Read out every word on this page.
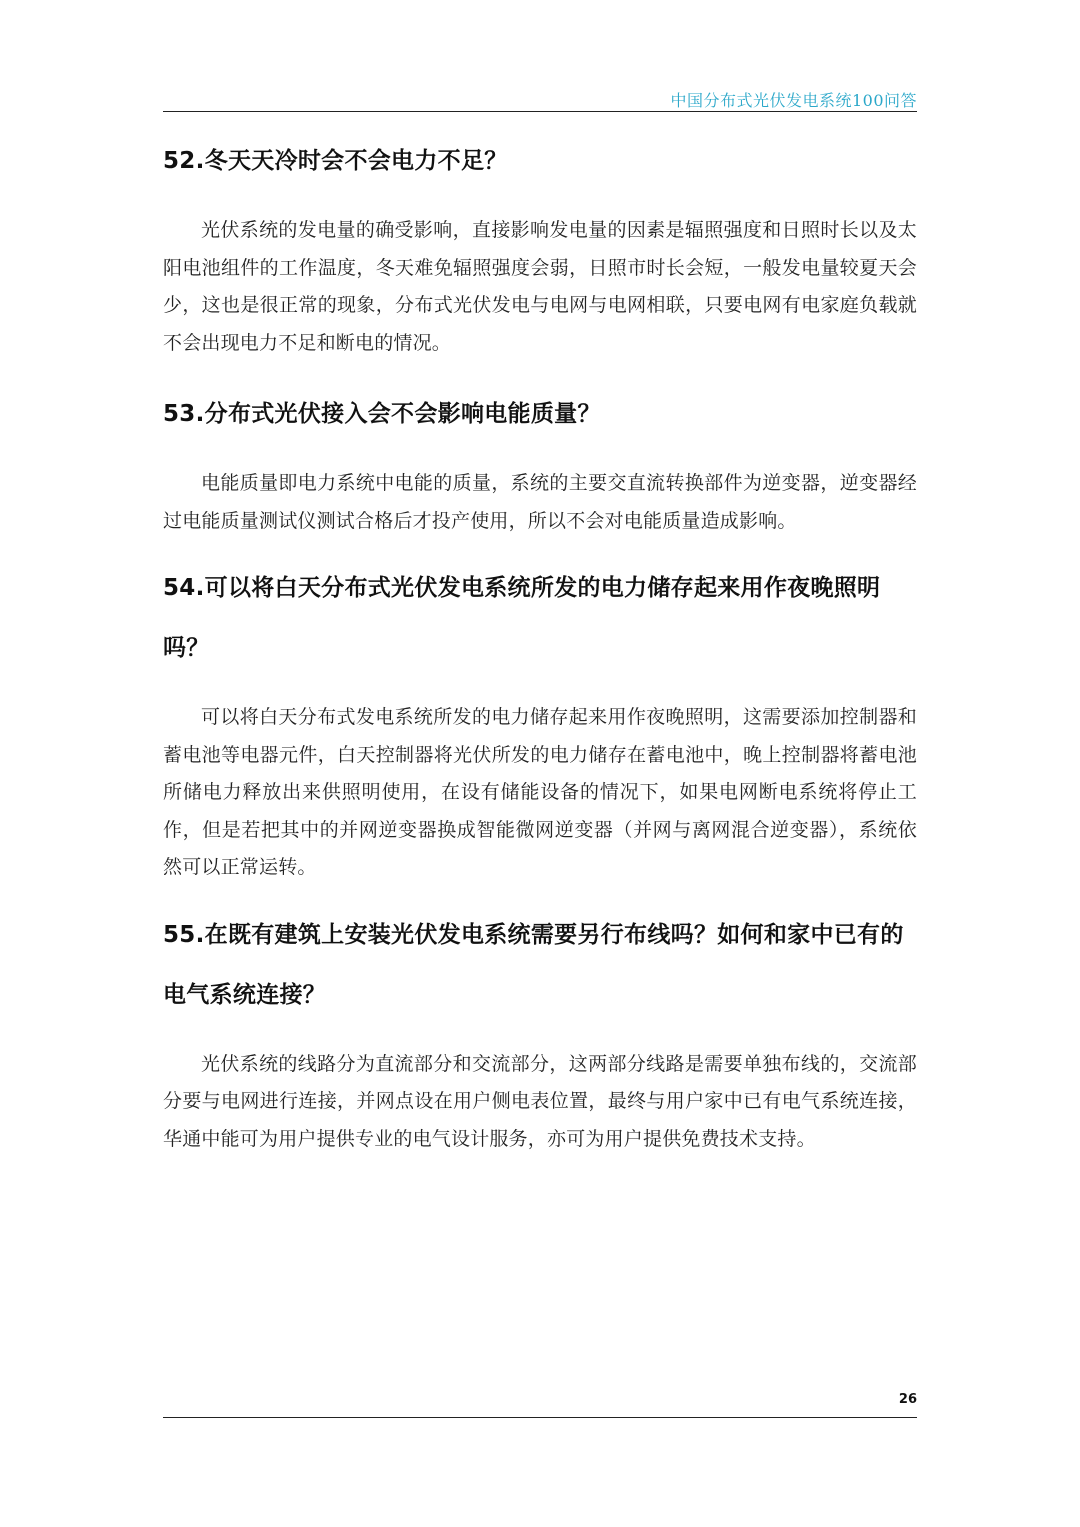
中国分布式光伏发电系统100问答
52.冬天天冷时会不会电力不足？

光伏系统的发电量的确受影响，直接影响发电量的因素是辐照强度和日照时长以及太阳电池组件的工作温度，冬天难免辐照强度会弱，日照市时长会短，一般发电量较夏天会少，这也是很正常的现象，分布式光伏发电与电网与电网相联，只要电网有电家庭负载就不会出现电力不足和断电的情况。

53.分布式光伏接入会不会影响电能质量？

电能质量即电力系统中电能的质量，系统的主要交直流转换部件为逆变器，逆变器经过电能质量测试仪测试合格后才投产使用，所以不会对电能质量造成影响。

54.可以将白天分布式光伏发电系统所发的电力储存起来用作夜晚照明吗？

可以将白天分布式发电系统所发的电力储存起来用作夜晚照明，这需要添加控制器和蓄电池等电器元件，白天控制器将光伏所发的电力储存在蓄电池中，晚上控制器将蓄电池所储电力释放出来供照明使用，在设有储能设备的情况下，如果电网断电系统将停止工作，但是若把其中的并网逆变器换成智能微网逆变器（并网与离网混合逆变器），系统依然可以正常运转。

55.在既有建筑上安装光伏发电系统需要另行布线吗？如何和家中已有的电气系统连接？

光伏系统的线路分为直流部分和交流部分，这两部分线路是需要单独布线的，交流部分要与电网进行连接，并网点设在用户侧电表位置，最终与用户家中已有电气系统连接，华通中能可为用户提供专业的电气设计服务，亦可为用户提供免费技术支持。

26
